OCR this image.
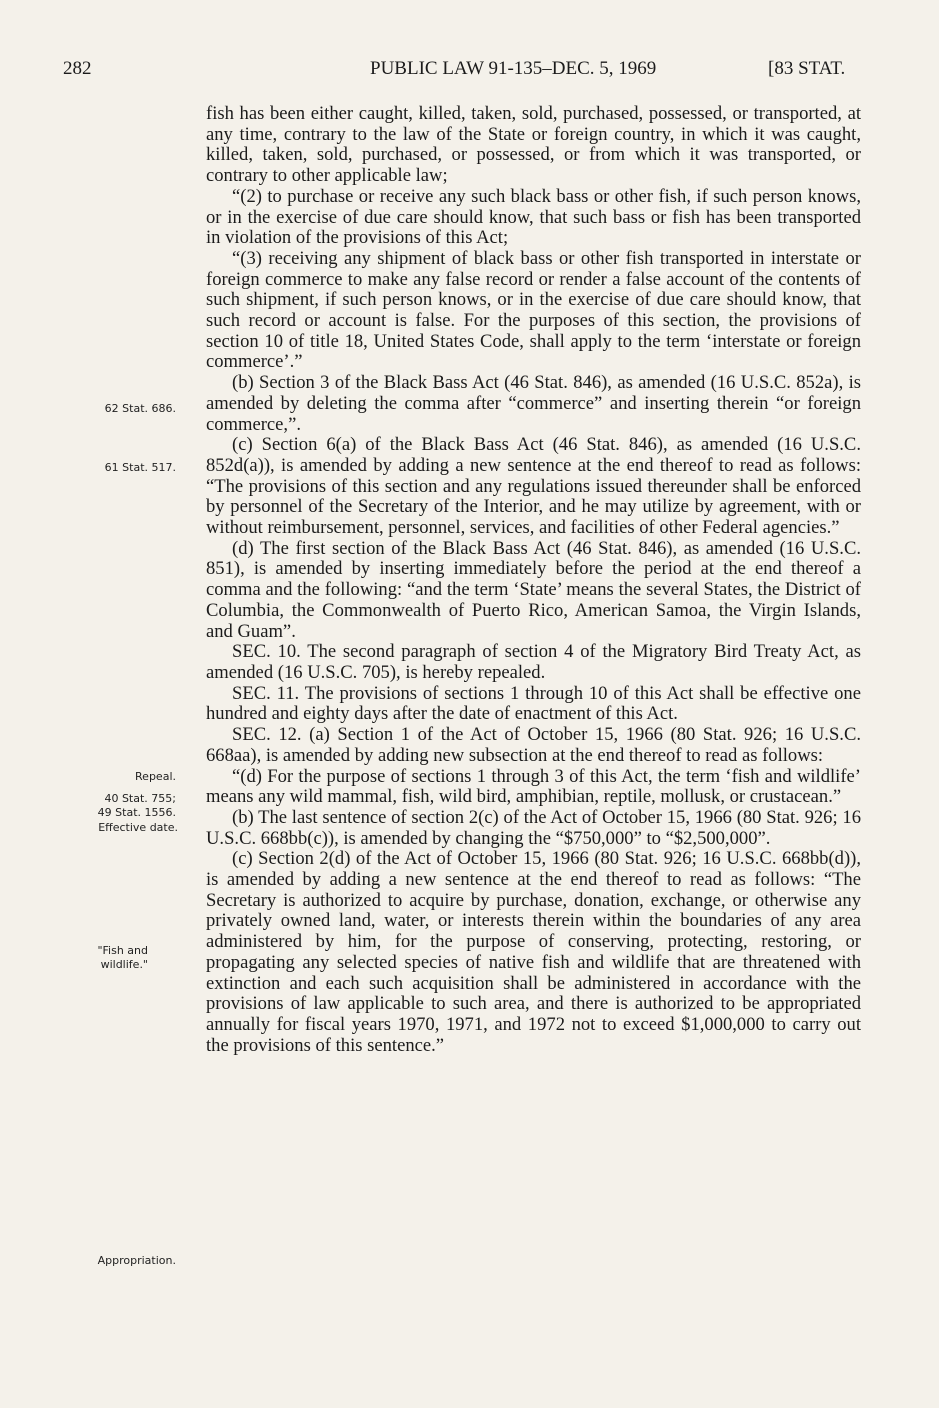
282	PUBLIC LAW 91-135–DEC. 5, 1969	[83 STAT.
62 Stat. 686.
61 Stat. 517.
Repeal.
40 Stat. 755;
49 Stat. 1556.
Effective date.
"Fish and
wildlife."
Appropriation.

fish has been either caught, killed, taken, sold, purchased, possessed, or transported, at any time, contrary to the law of the State or foreign country, in which it was caught, killed, taken, sold, purchased, or possessed, or from which it was transported, or contrary to other applicable law;

“(2) to purchase or receive any such black bass or other fish, if such person knows, or in the exercise of due care should know, that such bass or fish has been transported in violation of the provisions of this Act;

“(3) receiving any shipment of black bass or other fish transported in interstate or foreign commerce to make any false record or render a false account of the contents of such shipment, if such person knows, or in the exercise of due care should know, that such record or account is false. For the purposes of this section, the provisions of section 10 of title 18, United States Code, shall apply to the term ‘interstate or foreign commerce’.”

(b) Section 3 of the Black Bass Act (46 Stat. 846), as amended (16 U.S.C. 852a), is amended by deleting the comma after “commerce” and inserting therein “or foreign commerce,”.

(c) Section 6(a) of the Black Bass Act (46 Stat. 846), as amended (16 U.S.C. 852d(a)), is amended by adding a new sentence at the end thereof to read as follows: “The provisions of this section and any regulations issued thereunder shall be enforced by personnel of the Secretary of the Interior, and he may utilize by agreement, with or without reimbursement, personnel, services, and facilities of other Federal agencies.”

(d) The first section of the Black Bass Act (46 Stat. 846), as amended (16 U.S.C. 851), is amended by inserting immediately before the period at the end thereof a comma and the following: “and the term ‘State’ means the several States, the District of Columbia, the Commonwealth of Puerto Rico, American Samoa, the Virgin Islands, and Guam”.

SEC. 10. The second paragraph of section 4 of the Migratory Bird Treaty Act, as amended (16 U.S.C. 705), is hereby repealed.

SEC. 11. The provisions of sections 1 through 10 of this Act shall be effective one hundred and eighty days after the date of enactment of this Act.

SEC. 12. (a) Section 1 of the Act of October 15, 1966 (80 Stat. 926; 16 U.S.C. 668aa), is amended by adding new subsection at the end thereof to read as follows:

“(d) For the purpose of sections 1 through 3 of this Act, the term ‘fish and wildlife’ means any wild mammal, fish, wild bird, amphibian, reptile, mollusk, or crustacean.”

(b) The last sentence of section 2(c) of the Act of October 15, 1966 (80 Stat. 926; 16 U.S.C. 668bb(c)), is amended by changing the “$750,000” to “$2,500,000”.

(c) Section 2(d) of the Act of October 15, 1966 (80 Stat. 926; 16 U.S.C. 668bb(d)), is amended by adding a new sentence at the end thereof to read as follows: “The Secretary is authorized to acquire by purchase, donation, exchange, or otherwise any privately owned land, water, or interests therein within the boundaries of any area administered by him, for the purpose of conserving, protecting, restoring, or propagating any selected species of native fish and wildlife that are threatened with extinction and each such acquisition shall be administered in accordance with the provisions of law applicable to such area, and there is authorized to be appropriated annually for fiscal years 1970, 1971, and 1972 not to exceed $1,000,000 to carry out the provisions of this sentence.”
